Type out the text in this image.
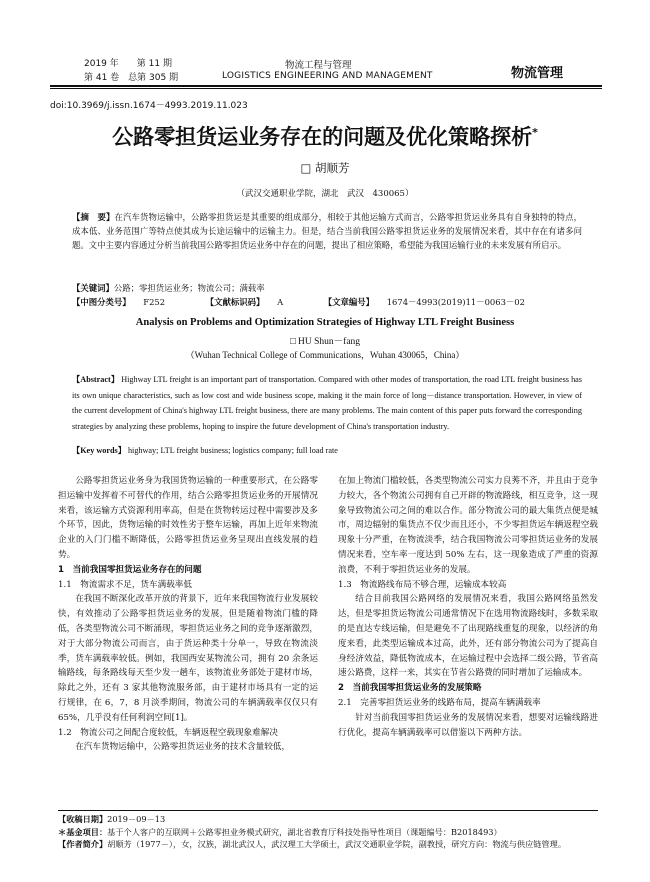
2019 年　　第 11 期
第 41 卷　总第 305 期
物流工程与管理
LOGISTICS ENGINEERING AND MANAGEMENT	物流管理
doi:10.3969/j.issn.1674－4993.2019.11.023
公路零担货运业务存在的问题及优化策略探析*
□ 胡顺芳
（武汉交通职业学院，湖北　武汉　430065）
【摘　要】在汽车货物运输中，公路零担货运是其重要的组成部分，相较于其他运输方式而言，公路零担货运业务具有自身独特的特点，成本低、业务范围广等特点使其成为长途运输中的运输主力。但是，结合当前我国公路零担货运业务的发展情况来看，其中存在有诸多问题。文中主要内容通过分析当前我国公路零担货运业务中存在的问题，提出了相应策略，希望能为我国运输行业的未来发展有所启示。
【关键词】公路；零担货运业务；物流公司；满载率
【中图分类号】 F252	【文献标识码】 A	【文章编号】 1674－4993(2019)11－0063－02
Analysis on Problems and Optimization Strategies of Highway LTL Freight Business
□ HU Shun－fang
（Wuhan Technical College of Communications，Wuhan 430065，China）
【Abstract】 Highway LTL freight is an important part of transportation. Compared with other modes of transportation, the road LTL freight business has its own unique characteristics, such as low cost and wide business scope, making it the main force of long－distance transportation. However, in view of the current development of China's highway LTL freight business, there are many problems. The main content of this paper puts forward the corresponding strategies by analyzing these problems, hoping to inspire the future development of China's transportation industry.
【Key words】 highway; LTL freight business; logistics company; full load rate

公路零担货运业务身为我国货物运输的一种重要形式，在公路零担运输中发挥着不可替代的作用，结合公路零担货运业务的开展情况来看，该运输方式资源利用率高，但是在货物转运过程中需要涉及多个环节，因此，货物运输的时效性劣于整车运输，再加上近年来物流企业的入门门槛不断降低，公路零担货运业务呈现出直线发展的趋势。

1　当前我国零担货运业务存在的问题

1.1　物流需求不足，货车满载率低

在我国不断深化改革开放的背景下，近年来我国物流行业发展较快，有效推动了公路零担货运业务的发展，但是随着物流门槛的降低，各类型物流公司不断涌现，零担货运业务之间的竞争逐渐激烈，对于大部分物流公司而言，由于货运种类十分单一，导致在物流淡季，货车满载率较低。例如，我国西安某物流公司，拥有 20 余条运输路线，每条路线每天至少发一趟车，该物流业务部处于建材市场，除此之外，还有 3 家其他物流服务部，由于建材市场具有一定的运行规律，在 6，7，8 月淡季期间，物流公司的车辆满载率仅仅只有 65%，几乎没有任何利润空间[1]。

1.2　物流公司之间配合度较低，车辆返程空载现象难解决

在汽车货物运输中，公路零担货运业务的技术含量较低，

在加上物流门槛较低，各类型物流公司实力良莠不齐，并且由于竞争力较大，各个物流公司拥有自己开辟的物流路线，相互竞争，这一现象导致物流公司之间的难以合作。部分物流公司的最大集货点便是城市，周边辐射的集货点不仅少而且还小，不少零担货运车辆返程空载现象十分严重，在物流淡季，结合我国物流公司零担货运业务的发展情况来看，空车率一度达到 50% 左右，这一现象造成了严重的资源浪费，不利于零担货运业务的发展。

1.3　物流路线布局不够合理，运输成本较高

结合目前我国公路网络的发展情况来看，我国公路网络虽然发达，但是零担货运物流公司通常情况下在选用物流路线时，多数采取的是直达专线运输，但是避免不了出现路线重复的现象，以经济的角度来看，此类型运输成本过高，此外，还有部分物流公司为了提高自身经济效益，降低物流成本，在运输过程中会选择二级公路，节省高速公路费，这样一来，其实在节省公路费的同时增加了运输成本。

2　当前我国零担货运业务的发展策略

2.1　完善零担货运业务的线路布局，提高车辆满载率

针对当前我国零担货运业务的发展情况来看，想要对运输线路进行优化，提高车辆满载率可以借鉴以下两种方法。

【收稿日期】2019－09－13
＊基金项目：基于个人客户的互联网＋公路零担业务模式研究，湖北省教育厅科技处指导性项目（课题编号：B2018493）
【作者简介】胡顺芳（1977－），女，汉族，湖北武汉人，武汉理工大学硕士，武汉交通职业学院，副教授，研究方向：物流与供应链管理。
